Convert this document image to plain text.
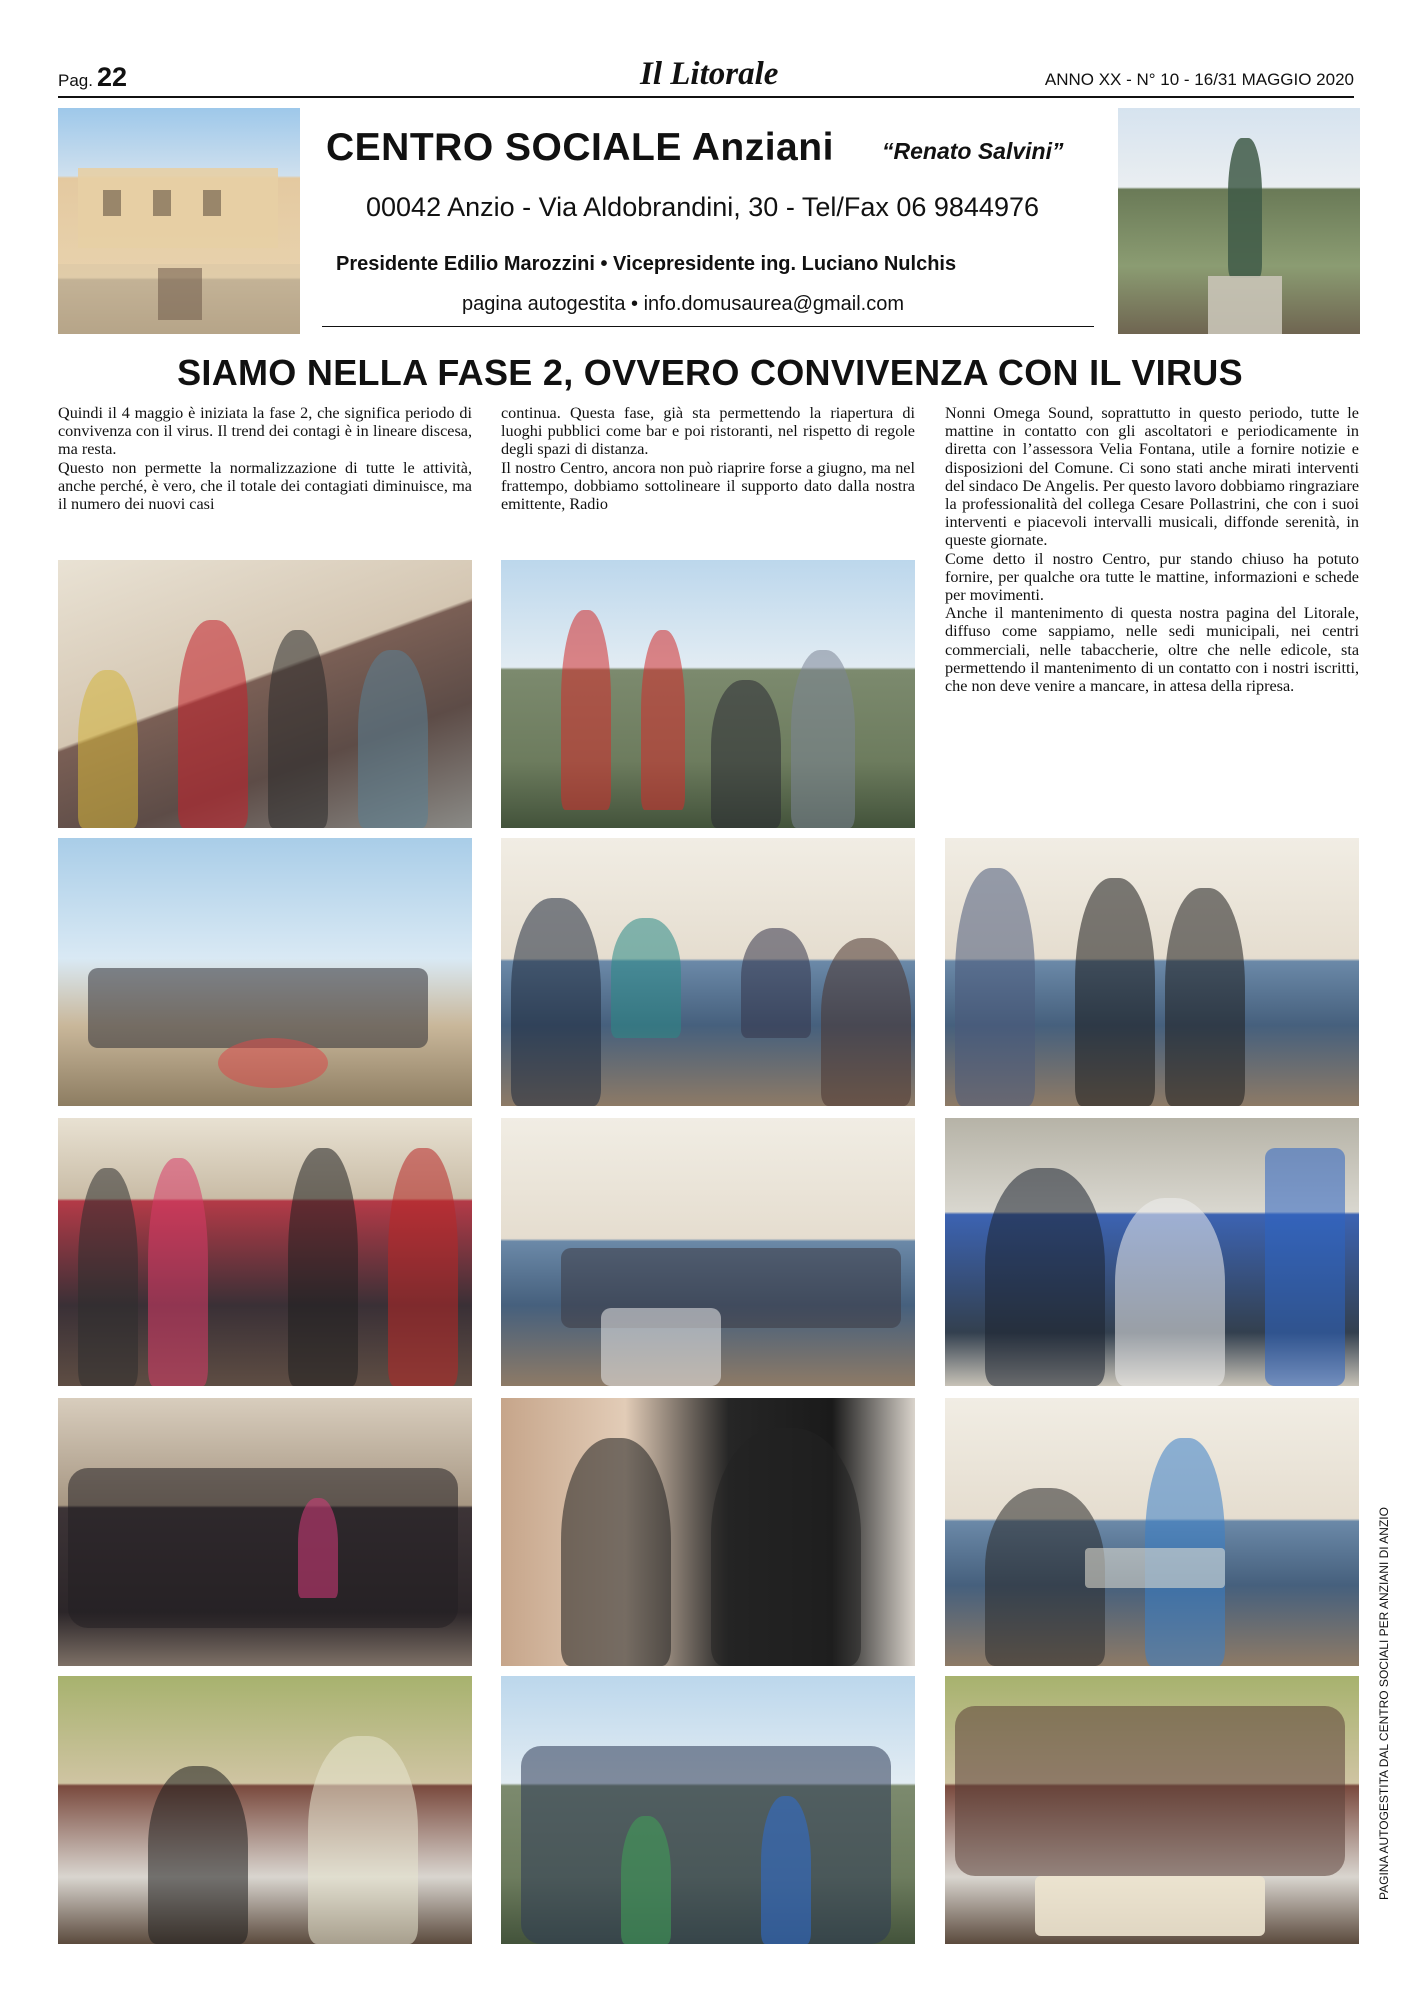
Pag. 22	Il Litorale	ANNO XX - N° 10 - 16/31 MAGGIO 2020
CENTRO SOCIALE Anziani “Renato Salvini”
00042 Anzio - Via Aldobrandini, 30 - Tel/Fax 06 9844976
Presidente Edilio Marozzini • Vicepresidente ing. Luciano Nulchis
pagina autogestita • info.domusaurea@gmail.com
SIAMO NELLA FASE 2, OVVERO CONVIVENZA CON IL VIRUS

Quindi il 4 maggio è iniziata la fase 2, che significa periodo di convivenza con il virus. Il trend dei contagi è in lineare discesa, ma resta.

Questo non permette la normalizzazione di tutte le attività, anche perché, è vero, che il totale dei contagiati diminuisce, ma il numero dei nuovi casi

continua. Questa fase, già sta permettendo la riapertura di luoghi pubblici come bar e poi ristoranti, nel rispetto di regole degli spazi di distanza.

Il nostro Centro, ancora non può riaprire forse a giugno, ma nel frattempo, dobbiamo sottolineare il supporto dato dalla nostra emittente, Radio

Nonni Omega Sound, soprattutto in questo periodo, tutte le mattine in contatto con gli ascoltatori e periodicamente in diretta con l’assessora Velia Fontana, utile a fornire notizie e disposizioni del Comune. Ci sono stati anche mirati interventi del sindaco De Angelis. Per questo lavoro dobbiamo ringraziare la professionalità del collega Cesare Pollastrini, che con i suoi interventi e piacevoli intervalli musicali, diffonde serenità, in queste giornate.

Come detto il nostro Centro, pur stando chiuso ha potuto fornire, per qualche ora tutte le mattine, informazioni e schede per movimenti.

Anche il mantenimento di questa nostra pagina del Litorale, diffuso come sappiamo, nelle sedi municipali, nei centri commerciali, nelle tabaccherie, oltre che nelle edicole, sta permettendo il mantenimento di un contatto con i nostri iscritti, che non deve venire a mancare, in attesa della ripresa.

PAGINA AUTOGESTITA DAL CENTRO SOCIALI PER ANZIANI DI ANZIO
